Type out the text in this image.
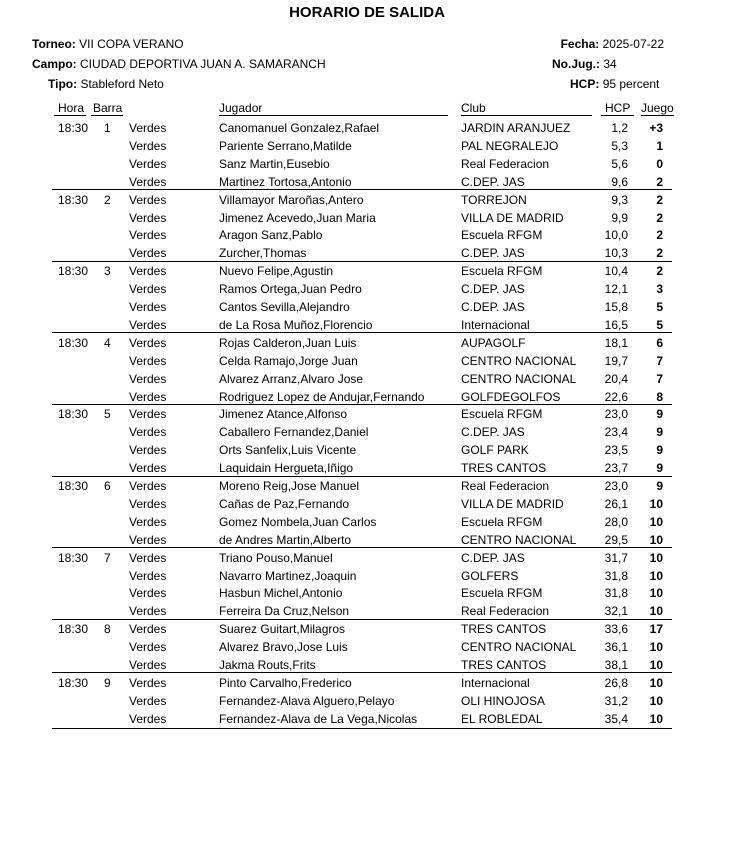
HORARIO DE SALIDA
Torneo: VII COPA VERANO
Campo: CIUDAD DEPORTIVA JUAN A. SAMARANCH
Tipo: Stableford Neto
Fecha: 2025-07-22
No.Jug.: 34
HCP: 95 percent
Hora Barra	Jugador	Club	HCP Juego
18:30 1 Verdes	Canomanuel Gonzalez,Rafael	JARDIN ARANJUEZ	1,2	+3
Verdes	Pariente Serrano,Matilde	PAL NEGRALEJO	5,3	1
Verdes	Sanz Martin,Eusebio	Real Federacion	5,6	0
Verdes	Martinez Tortosa,Antonio	C.DEP. JAS	9,6	2
18:30 2 Verdes	Villamayor Maroñas,Antero	TORREJON	9,3	2
Verdes	Jimenez Acevedo,Juan Maria	VILLA DE MADRID	9,9	2
Verdes	Aragon Sanz,Pablo	Escuela RFGM	10,0	2
Verdes	Zurcher,Thomas	C.DEP. JAS	10,3	2
18:30 3 Verdes	Nuevo Felipe,Agustin	Escuela RFGM	10,4	2
Verdes	Ramos Ortega,Juan Pedro	C.DEP. JAS	12,1	3
Verdes	Cantos Sevilla,Alejandro	C.DEP. JAS	15,8	5
Verdes	de La Rosa Muñoz,Florencio	Internacional	16,5	5
18:30 4 Verdes	Rojas Calderon,Juan Luis	AUPAGOLF	18,1	6
Verdes	Celda Ramajo,Jorge Juan	CENTRO NACIONAL	19,7	7
Verdes	Alvarez Arranz,Alvaro Jose	CENTRO NACIONAL	20,4	7
Verdes	Rodriguez Lopez de Andujar,Fernando	GOLFDEGOLFOS	22,6	8
18:30 5 Verdes	Jimenez Atance,Alfonso	Escuela RFGM	23,0	9
Verdes	Caballero Fernandez,Daniel	C.DEP. JAS	23,4	9
Verdes	Orts Sanfelix,Luis Vicente	GOLF PARK	23,5	9
Verdes	Laquidain Hergueta,Iñigo	TRES CANTOS	23,7	9
18:30 6 Verdes	Moreno Reig,Jose Manuel	Real Federacion	23,0	9
Verdes	Cañas de Paz,Fernando	VILLA DE MADRID	26,1	10
Verdes	Gomez Nombela,Juan Carlos	Escuela RFGM	28,0	10
Verdes	de Andres Martin,Alberto	CENTRO NACIONAL	29,5	10
18:30 7 Verdes	Triano Pouso,Manuel	C.DEP. JAS	31,7	10
Verdes	Navarro Martinez,Joaquin	GOLFERS	31,8	10
Verdes	Hasbun Michel,Antonio	Escuela RFGM	31,8	10
Verdes	Ferreira Da Cruz,Nelson	Real Federacion	32,1	10
18:30 8 Verdes	Suarez Guitart,Milagros	TRES CANTOS	33,6	17
Verdes	Alvarez Bravo,Jose Luis	CENTRO NACIONAL	36,1	10
Verdes	Jakma Routs,Frits	TRES CANTOS	38,1	10
18:30 9 Verdes	Pinto Carvalho,Frederico	Internacional	26,8	10
Verdes	Fernandez-Alava Alguero,Pelayo	OLI HINOJOSA	31,2	10
Verdes	Fernandez-Alava de La Vega,Nicolas	EL ROBLEDAL	35,4	10
